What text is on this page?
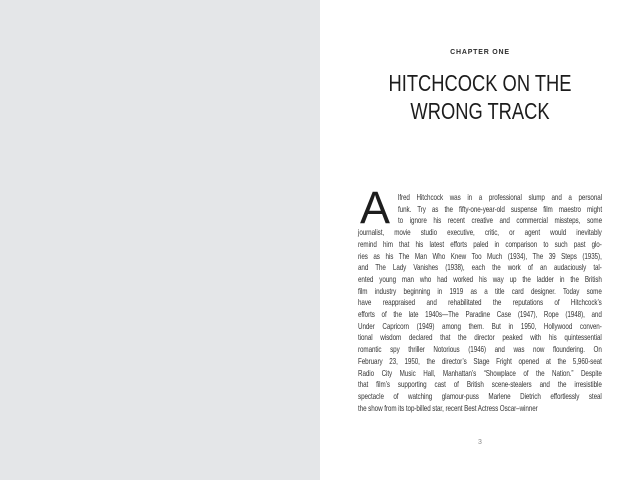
CHAPTER ONE
HITCHCOCK ON THE
WRONG TRACK
A lfred Hitchcock was in a professional slump and a personal
funk. Try as the fifty-one-year-old suspense film maestro might
to ignore his recent creative and commercial missteps, some
journalist, movie studio executive, critic, or agent would inevitably
remind him that his latest efforts paled in comparison to such past glo-
ries as his The Man Who Knew Too Much (1934), The 39 Steps (1935),
and The Lady Vanishes (1938), each the work of an audaciously tal-
ented young man who had worked his way up the ladder in the British
film industry beginning in 1919 as a title card designer. Today some
have reappraised and rehabilitated the reputations of Hitchcock’s
efforts of the late 1940s—The Paradine Case (1947), Rope (1948), and
Under Capricorn (1949) among them. But in 1950, Hollywood conven-
tional wisdom declared that the director peaked with his quintessential
romantic spy thriller Notorious (1946) and was now floundering. On
February 23, 1950, the director’s Stage Fright opened at the 5,960-seat
Radio City Music Hall, Manhattan’s “Showplace of the Nation.” Despite
that film’s supporting cast of British scene-stealers and the irresistible
spectacle of watching glamour-puss Marlene Dietrich effortlessly steal
the show from its top-billed star, recent Best Actress Oscar–winner
3
